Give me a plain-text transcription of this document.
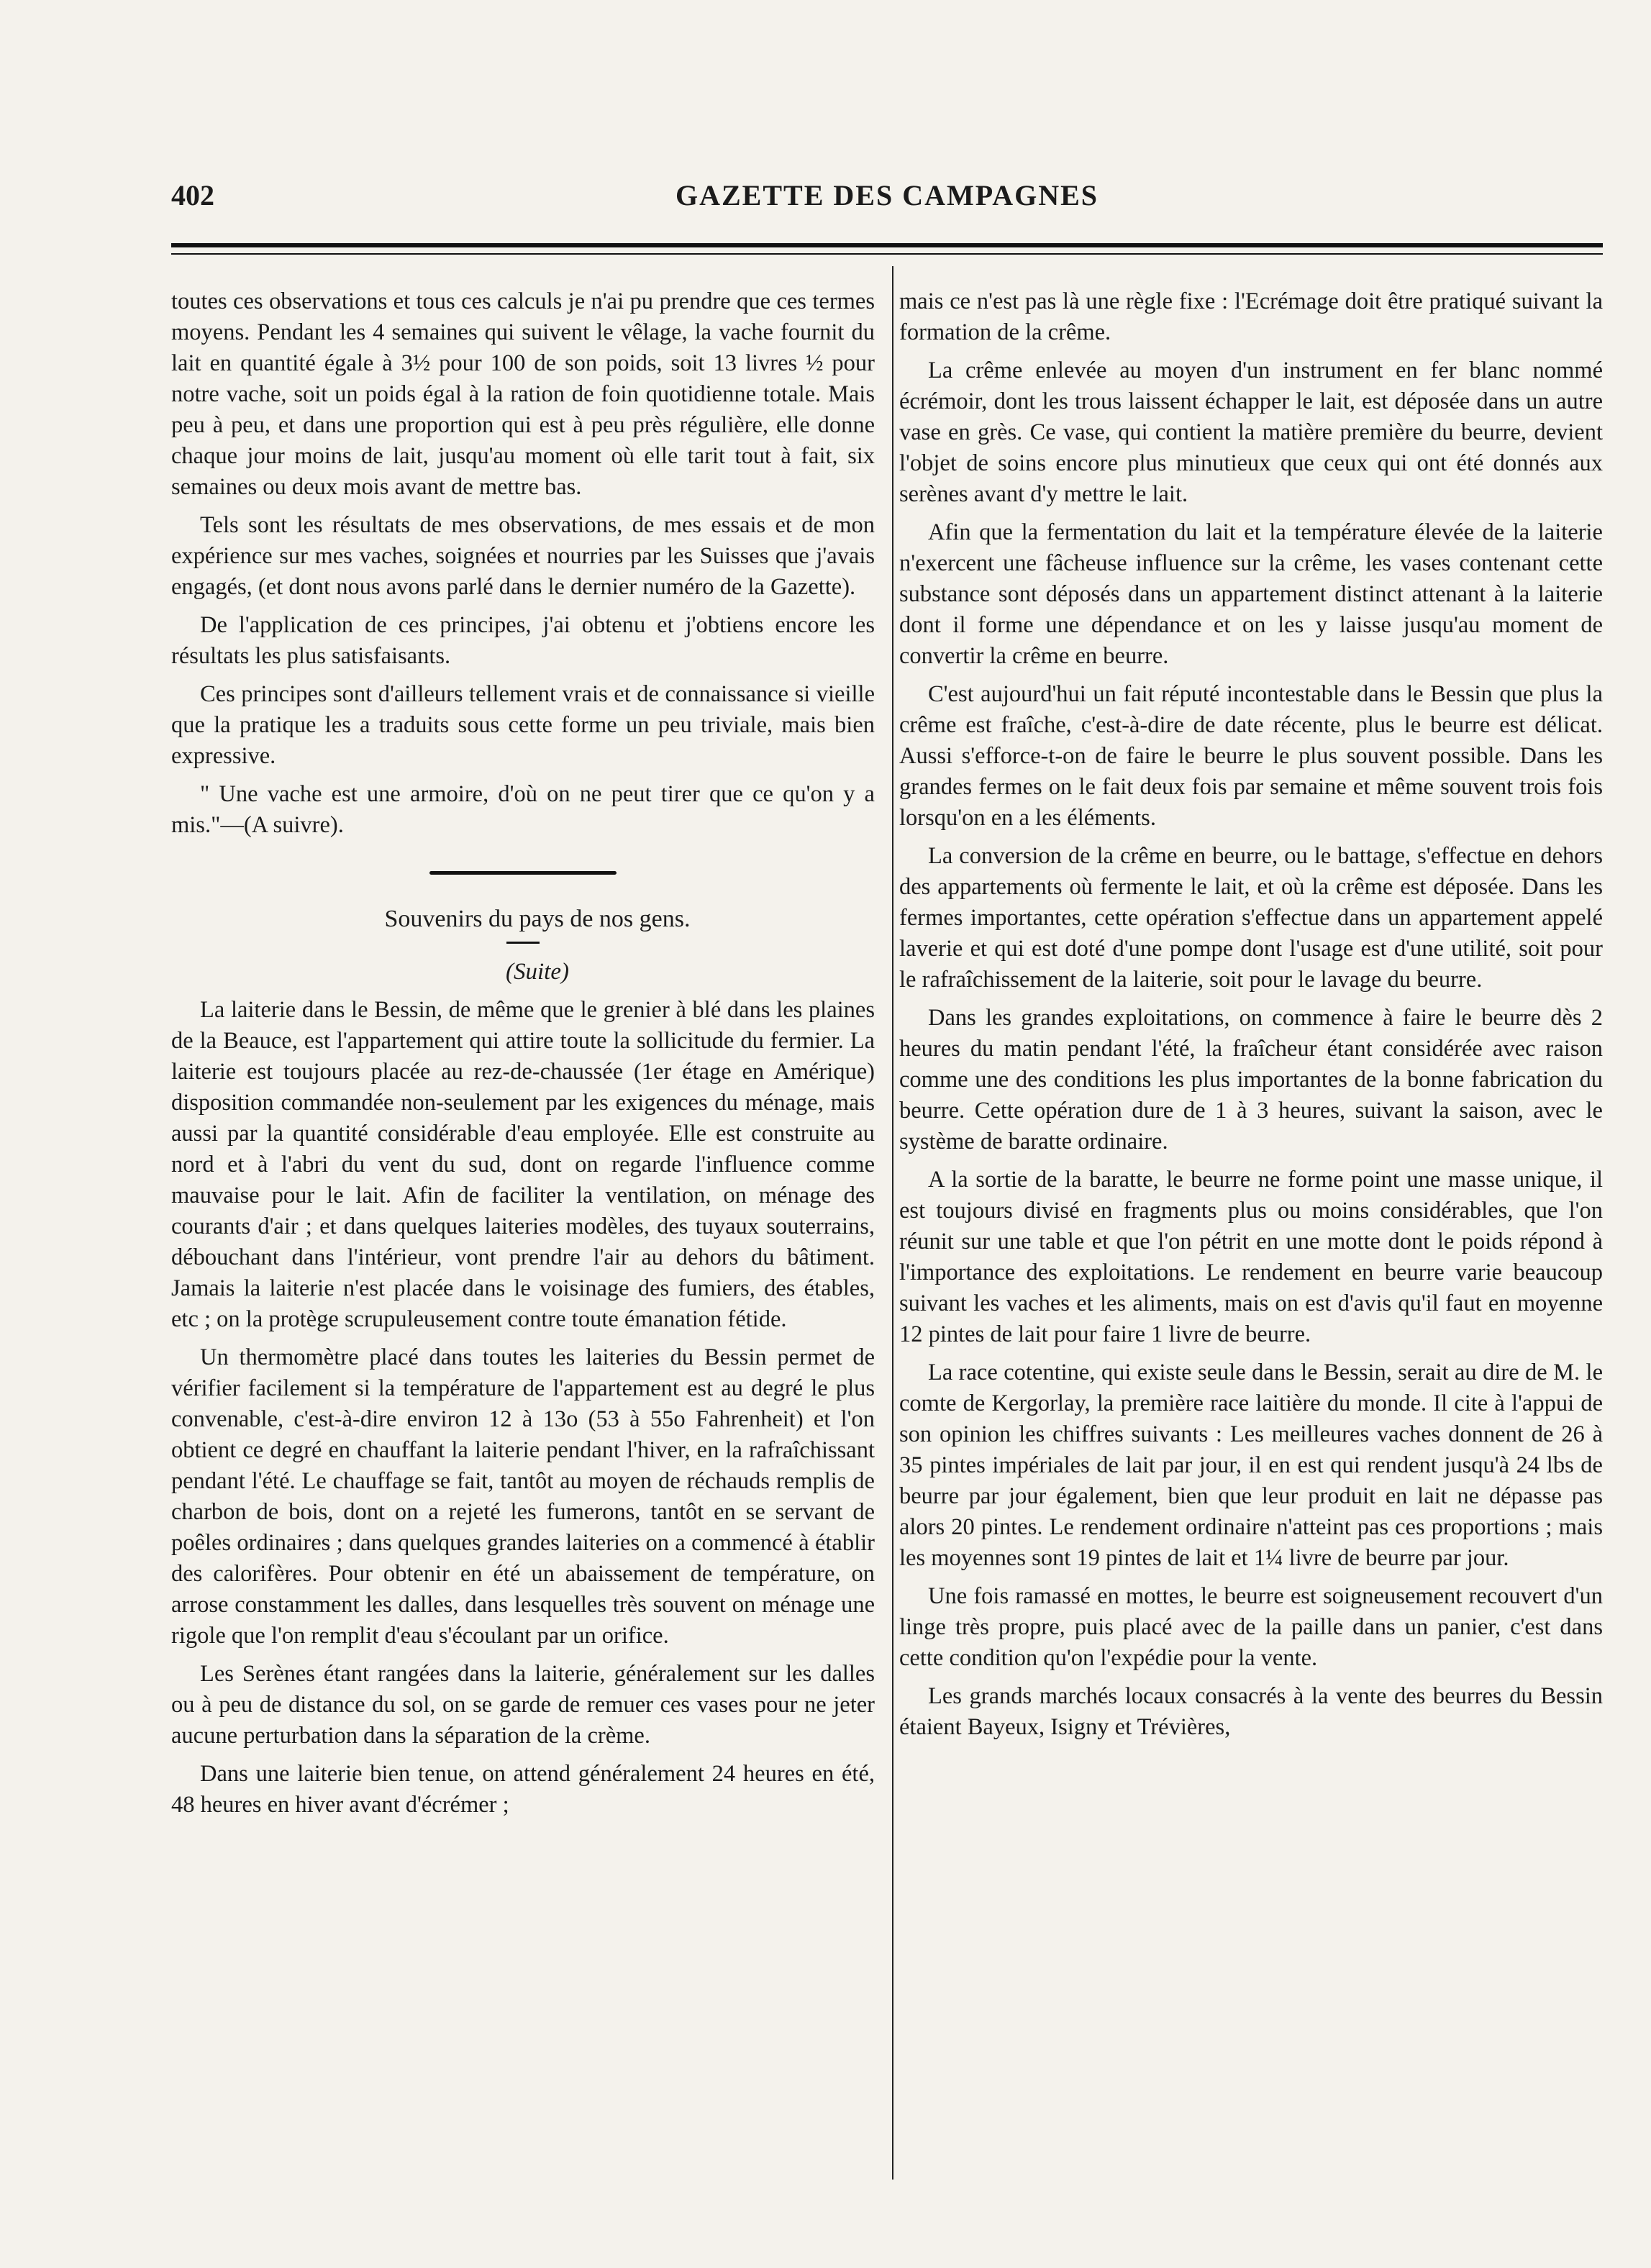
402	GAZETTE DES CAMPAGNES

toutes ces observations et tous ces calculs je n'ai pu prendre que ces termes moyens. Pendant les 4 semaines qui suivent le vêlage, la vache fournit du lait en quantité égale à 3½ pour 100 de son poids, soit 13 livres ½ pour notre vache, soit un poids égal à la ration de foin quotidienne totale. Mais peu à peu, et dans une proportion qui est à peu près régulière, elle donne chaque jour moins de lait, jusqu'au moment où elle tarit tout à fait, six semaines ou deux mois avant de mettre bas.

Tels sont les résultats de mes observations, de mes essais et de mon expérience sur mes vaches, soignées et nourries par les Suisses que j'avais engagés, (et dont nous avons parlé dans le dernier numéro de la Gazette).

De l'application de ces principes, j'ai obtenu et j'obtiens encore les résultats les plus satisfaisants.

Ces principes sont d'ailleurs tellement vrais et de connaissance si vieille que la pratique les a traduits sous cette forme un peu triviale, mais bien expressive.

" Une vache est une armoire, d'où on ne peut tirer que ce qu'on y a mis."—(A suivre).

Souvenirs du pays de nos gens.

(Suite)

La laiterie dans le Bessin, de même que le grenier à blé dans les plaines de la Beauce, est l'appartement qui attire toute la sollicitude du fermier. La laiterie est toujours placée au rez-de-chaussée (1er étage en Amérique) disposition commandée non-seulement par les exigences du ménage, mais aussi par la quantité considérable d'eau employée. Elle est construite au nord et à l'abri du vent du sud, dont on regarde l'influence comme mauvaise pour le lait. Afin de faciliter la ventilation, on ménage des courants d'air ; et dans quelques laiteries modèles, des tuyaux souterrains, débouchant dans l'intérieur, vont prendre l'air au dehors du bâtiment. Jamais la laiterie n'est placée dans le voisinage des fumiers, des étables, etc ; on la protège scrupuleusement contre toute émanation fétide.

Un thermomètre placé dans toutes les laiteries du Bessin permet de vérifier facilement si la température de l'appartement est au degré le plus convenable, c'est-à-dire environ 12 à 13o (53 à 55o Fahrenheit) et l'on obtient ce degré en chauffant la laiterie pendant l'hiver, en la rafraîchissant pendant l'été. Le chauffage se fait, tantôt au moyen de réchauds remplis de charbon de bois, dont on a rejeté les fumerons, tantôt en se servant de poêles ordinaires ; dans quelques grandes laiteries on a commencé à établir des calorifères. Pour obtenir en été un abaissement de température, on arrose constamment les dalles, dans lesquelles très souvent on ménage une rigole que l'on remplit d'eau s'écoulant par un orifice.

Les Serènes étant rangées dans la laiterie, généralement sur les dalles ou à peu de distance du sol, on se garde de remuer ces vases pour ne jeter aucune perturbation dans la séparation de la crème.

Dans une laiterie bien tenue, on attend généralement 24 heures en été, 48 heures en hiver avant d'écrémer ;

mais ce n'est pas là une règle fixe : l'Ecrémage doit être pratiqué suivant la formation de la crême.

La crême enlevée au moyen d'un instrument en fer blanc nommé écrémoir, dont les trous laissent échapper le lait, est déposée dans un autre vase en grès. Ce vase, qui contient la matière première du beurre, devient l'objet de soins encore plus minutieux que ceux qui ont été donnés aux serènes avant d'y mettre le lait.

Afin que la fermentation du lait et la température élevée de la laiterie n'exercent une fâcheuse influence sur la crême, les vases contenant cette substance sont déposés dans un appartement distinct attenant à la laiterie dont il forme une dépendance et on les y laisse jusqu'au moment de convertir la crême en beurre.

C'est aujourd'hui un fait réputé incontestable dans le Bessin que plus la crême est fraîche, c'est-à-dire de date récente, plus le beurre est délicat. Aussi s'efforce-t-on de faire le beurre le plus souvent possible. Dans les grandes fermes on le fait deux fois par semaine et même souvent trois fois lorsqu'on en a les éléments.

La conversion de la crême en beurre, ou le battage, s'effectue en dehors des appartements où fermente le lait, et où la crême est déposée. Dans les fermes importantes, cette opération s'effectue dans un appartement appelé laverie et qui est doté d'une pompe dont l'usage est d'une utilité, soit pour le rafraîchissement de la laiterie, soit pour le lavage du beurre.

Dans les grandes exploitations, on commence à faire le beurre dès 2 heures du matin pendant l'été, la fraîcheur étant considérée avec raison comme une des conditions les plus importantes de la bonne fabrication du beurre. Cette opération dure de 1 à 3 heures, suivant la saison, avec le système de baratte ordinaire.

A la sortie de la baratte, le beurre ne forme point une masse unique, il est toujours divisé en fragments plus ou moins considérables, que l'on réunit sur une table et que l'on pétrit en une motte dont le poids répond à l'importance des exploitations. Le rendement en beurre varie beaucoup suivant les vaches et les aliments, mais on est d'avis qu'il faut en moyenne 12 pintes de lait pour faire 1 livre de beurre.

La race cotentine, qui existe seule dans le Bessin, serait au dire de M. le comte de Kergorlay, la première race laitière du monde. Il cite à l'appui de son opinion les chiffres suivants : Les meilleures vaches donnent de 26 à 35 pintes impériales de lait par jour, il en est qui rendent jusqu'à 24 lbs de beurre par jour également, bien que leur produit en lait ne dépasse pas alors 20 pintes. Le rendement ordinaire n'atteint pas ces proportions ; mais les moyennes sont 19 pintes de lait et 1¼ livre de beurre par jour.

Une fois ramassé en mottes, le beurre est soigneusement recouvert d'un linge très propre, puis placé avec de la paille dans un panier, c'est dans cette condition qu'on l'expédie pour la vente.

Les grands marchés locaux consacrés à la vente des beurres du Bessin étaient Bayeux, Isigny et Trévières,
